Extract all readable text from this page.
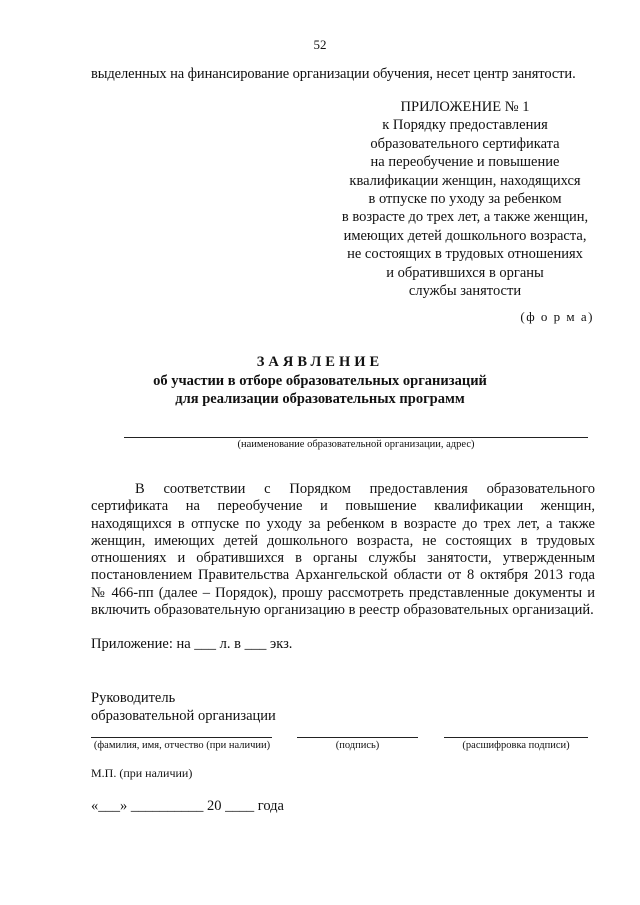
52
выделенных на финансирование организации обучения, несет центр занятости.
ПРИЛОЖЕНИЕ № 1
к Порядку предоставления
образовательного сертификата
на переобучение и повышение
квалификации женщин, находящихся
в отпуске по уходу за ребенком
в возрасте до трех лет, а также женщин,
имеющих детей дошкольного возраста,
не состоящих в трудовых отношениях
и обратившихся в органы
службы занятости
(ф о р м а)
ЗАЯВЛЕНИЕ
об участии в отборе образовательных организаций
для реализации образовательных программ
(наименование образовательной организации, адрес)
В соответствии с Порядком предоставления образовательного сертификата на переобучение и повышение квалификации женщин, находящихся в отпуске по уходу за ребенком в возрасте до трех лет, а также женщин, имеющих детей дошкольного возраста, не состоящих в трудовых отношениях и обратившихся в органы службы занятости, утвержденным постановлением Правительства Архангельской области от 8 октября 2013 года № 466-пп (далее – Порядок), прошу рассмотреть представленные документы и включить образовательную организацию в реестр образовательных организаций.
Приложение: на ___ л. в ___ экз.
Руководитель
образовательной организации
(фамилия, имя, отчество (при наличии)	(подпись)	(расшифровка подписи)
М.П. (при наличии)
«___» __________ 20 ____ года
